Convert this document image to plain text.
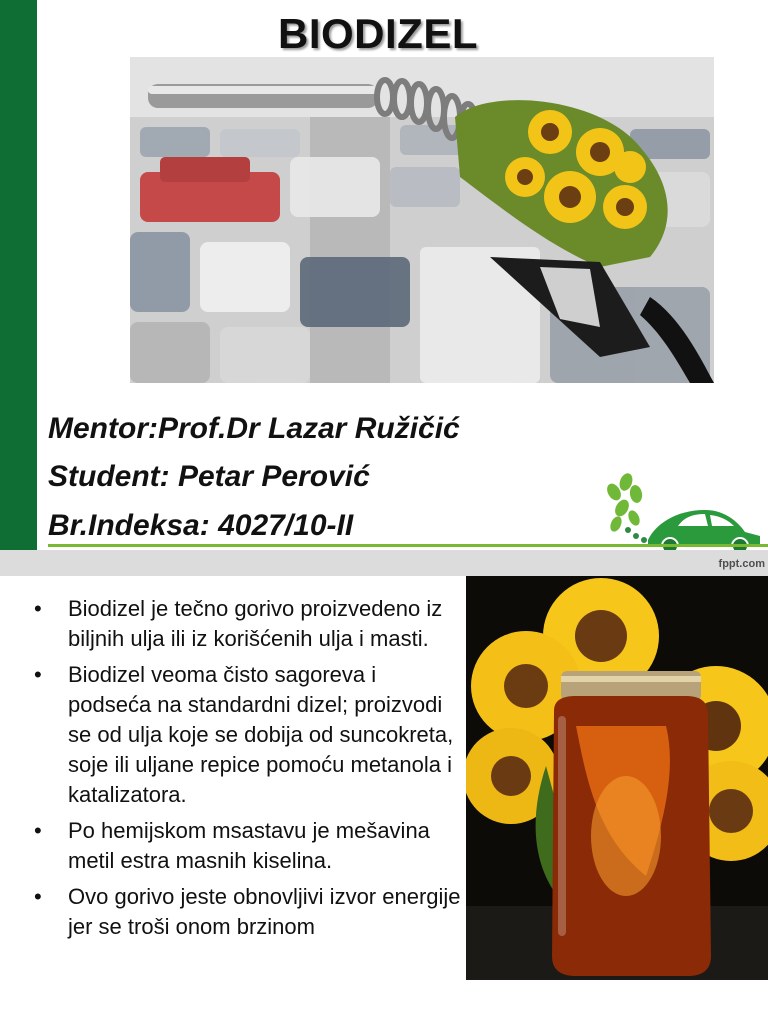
BIODIZEL
Mentor:Prof.Dr Lazar Ružičić
Student: Petar Perović
Br.Indeksa: 4027/10-II
fppt.com
• Biodizel je tečno gorivo proizvedeno iz biljnih ulja ili iz korišćenih ulja i masti.
• Biodizel veoma čisto sagoreva i podseća na standardni dizel; proizvodi se od ulja koje se dobija od suncokreta, soje ili uljane repice pomoću metanola i katalizatora.
• Po hemijskom msastavu je mešavina metil estra masnih kiselina.
• Ovo gorivo jeste obnovljivi izvor energije jer se troši onom brzinom
